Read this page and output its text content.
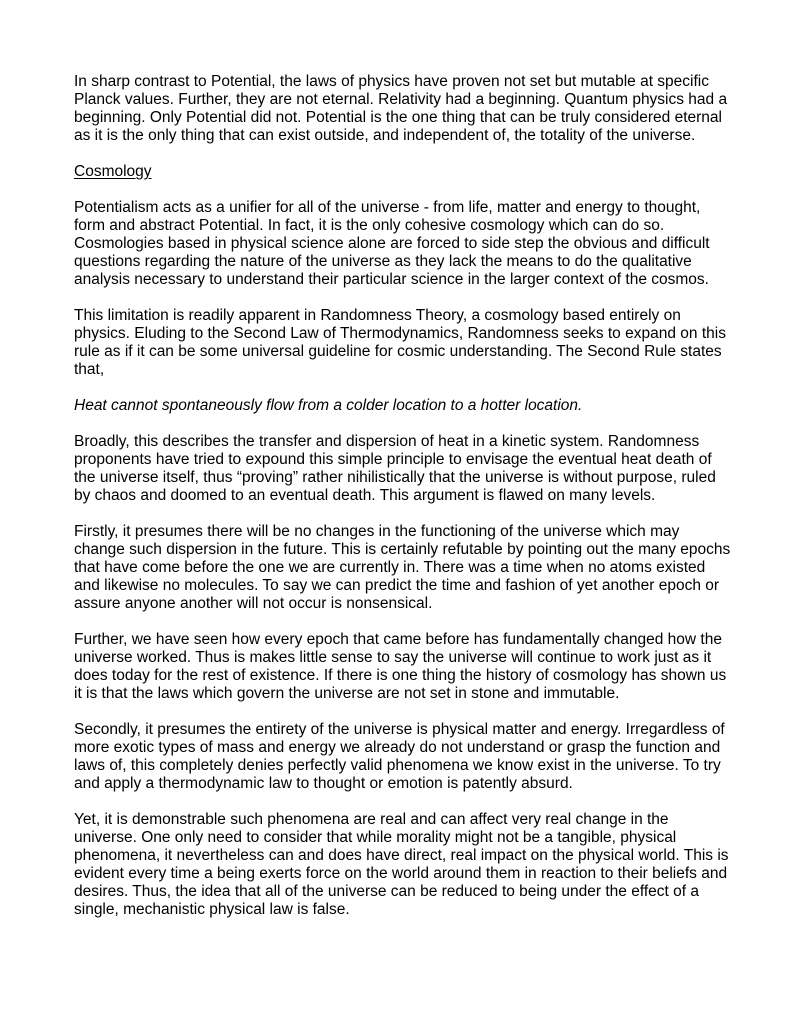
In sharp contrast to Potential, the laws of physics have proven not set but mutable at specific Planck values. Further, they are not eternal. Relativity had a beginning. Quantum physics had a beginning. Only Potential did not. Potential is the one thing that can be truly considered eternal as it is the only thing that can exist outside, and independent of, the totality of the universe.

Cosmology

Potentialism acts as a unifier for all of the universe - from life, matter and energy to thought, form and abstract Potential. In fact, it is the only cohesive cosmology which can do so. Cosmologies based in physical science alone are forced to side step the obvious and difficult questions regarding the nature of the universe as they lack the means to do the qualitative analysis necessary to understand their particular science in the larger context of the cosmos.

This limitation is readily apparent in Randomness Theory, a cosmology based entirely on physics. Eluding to the Second Law of Thermodynamics, Randomness seeks to expand on this rule as if it can be some universal guideline for cosmic understanding. The Second Rule states that,

Heat cannot spontaneously flow from a colder location to a hotter location.

Broadly, this describes the transfer and dispersion of heat in a kinetic system. Randomness proponents have tried to expound this simple principle to envisage the eventual heat death of the universe itself, thus “proving” rather nihilistically that the universe is without purpose, ruled by chaos and doomed to an eventual death. This argument is flawed on many levels.

Firstly, it presumes there will be no changes in the functioning of the universe which may change such dispersion in the future. This is certainly refutable by pointing out the many epochs that have come before the one we are currently in. There was a time when no atoms existed and likewise no molecules. To say we can predict the time and fashion of yet another epoch or assure anyone another will not occur is nonsensical.

Further, we have seen how every epoch that came before has fundamentally changed how the universe worked. Thus is makes little sense to say the universe will continue to work just as it does today for the rest of existence. If there is one thing the history of cosmology has shown us it is that the laws which govern the universe are not set in stone and immutable.

Secondly, it presumes the entirety of the universe is physical matter and energy. Irregardless of more exotic types of mass and energy we already do not understand or grasp the function and laws of, this completely denies perfectly valid phenomena we know exist in the universe. To try and apply a thermodynamic law to thought or emotion is patently absurd.

Yet, it is demonstrable such phenomena are real and can affect very real change in the universe. One only need to consider that while morality might not be a tangible, physical phenomena, it nevertheless can and does have direct, real impact on the physical world. This is evident every time a being exerts force on the world around them in reaction to their beliefs and desires. Thus, the idea that all of the universe can be reduced to being under the effect of a single, mechanistic physical law is false.
